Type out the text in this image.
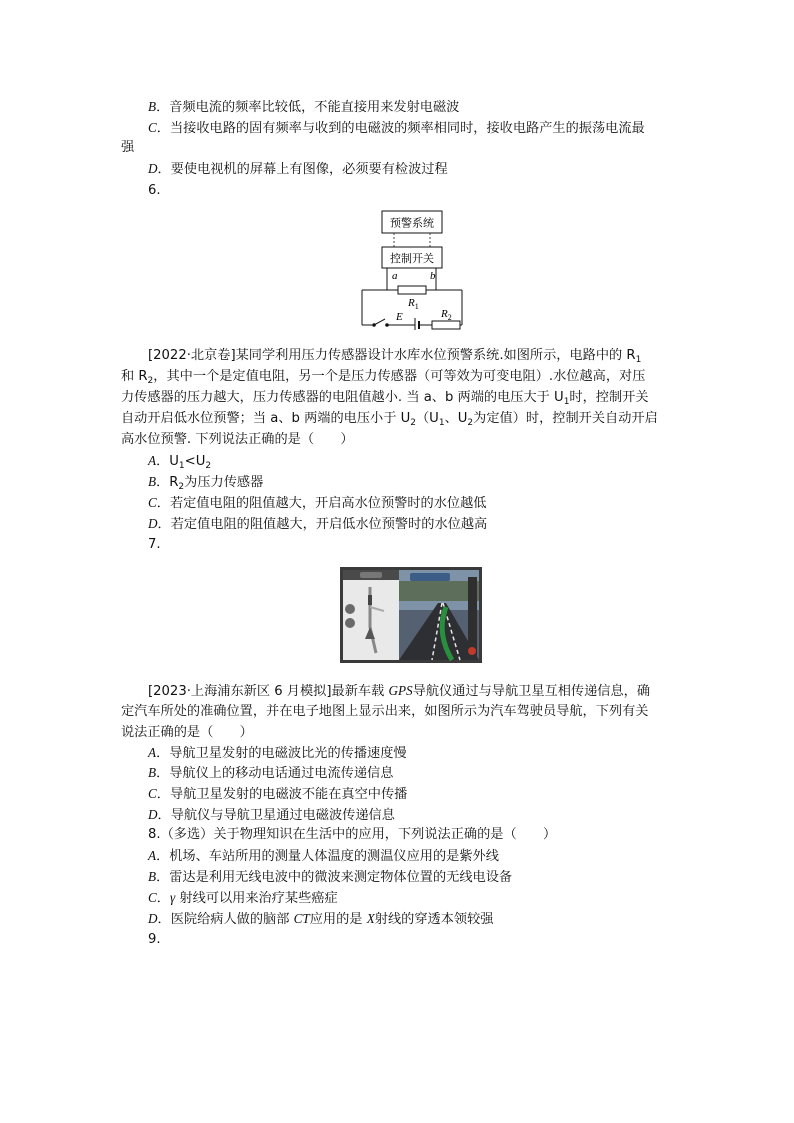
B．音频电流的频率比较低，不能直接用来发射电磁波
C．当接收电路的固有频率与收到的电磁波的频率相同时，接收电路产生的振荡电流最
强
D．要使电视机的屏幕上有图像，必须要有检波过程
6.
预警系统
控制开关
a	b
$R_1$
E	$R_2$
[2022·北京卷]某同学利用压力传感器设计水库水位预警系统.如图所示，电路中的 $R_1$
和 $R_2$，其中一个是定值电阻，另一个是压力传感器（可等效为可变电阻）.水位越高，对压
力传感器的压力越大，压力传感器的电阻值越小. 当 a、b 两端的电压大于 $U_1$时，控制开关
自动开启低水位预警；当 a、b 两端的电压小于 $U_2(U_1$、$U_2$为定值）时，控制开关自动开启
高水位预警. 下列说法正确的是（　　）
A．$U_1<U_2$
B．$R_2$为压力传感器
C．若定值电阻的阻值越大，开启高水位预警时的水位越低
D．若定值电阻的阻值越大，开启低水位预警时的水位越高
7.
[2023·上海浦东新区 6 月模拟]最新车载 GPS导航仪通过与导航卫星互相传递信息，确
定汽车所处的准确位置，并在电子地图上显示出来，如图所示为汽车驾驶员导航，下列有关
说法正确的是（　　）
A．导航卫星发射的电磁波比光的传播速度慢
B．导航仪上的移动电话通过电流传递信息
C．导航卫星发射的电磁波不能在真空中传播
D．导航仪与导航卫星通过电磁波传递信息
8.（多选）关于物理知识在生活中的应用，下列说法正确的是（　　）
A．机场、车站所用的测量人体温度的测温仪应用的是紫外线
B．雷达是利用无线电波中的微波来测定物体位置的无线电设备
C．γ 射线可以用来治疗某些癌症
D．医院给病人做的脑部 CT应用的是 X射线的穿透本领较强
9.
